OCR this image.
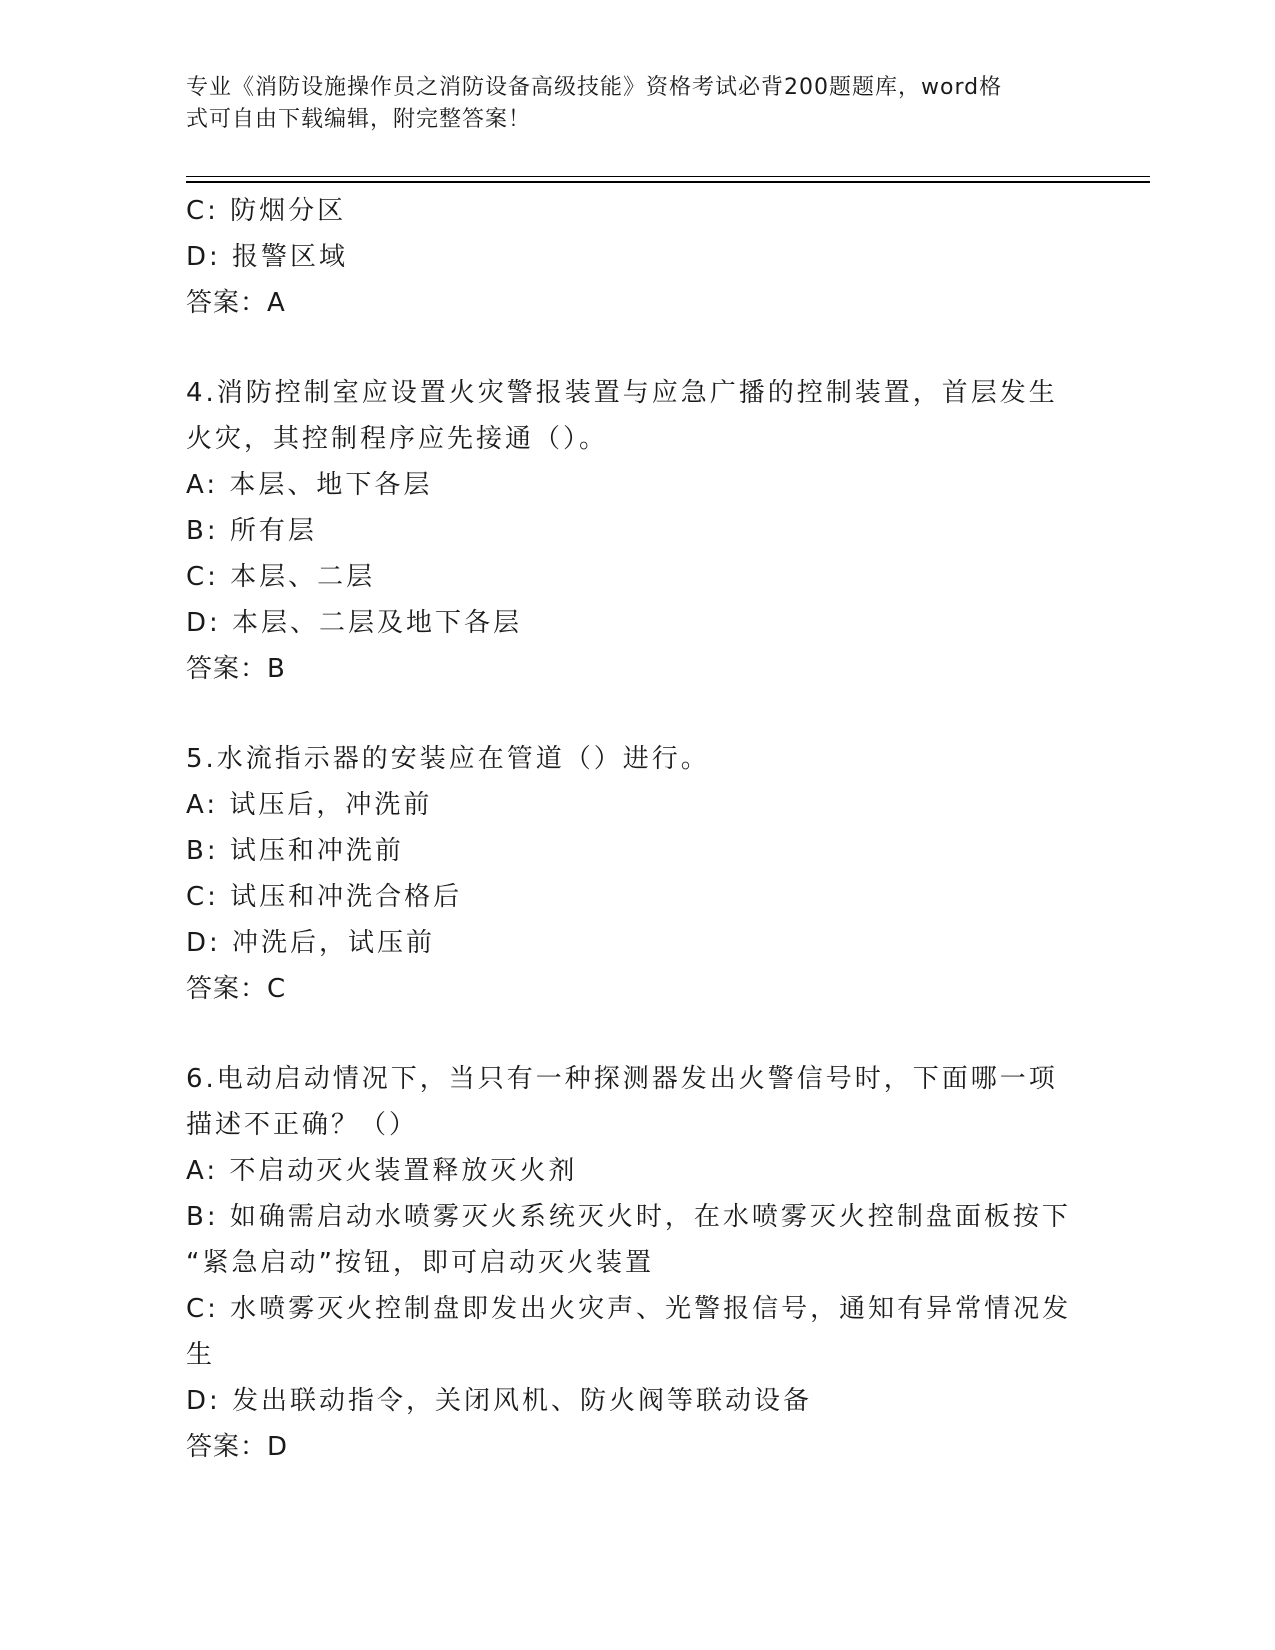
专业《消防设施操作员之消防设备高级技能》资格考试必背200题题库，word格
式可自由下载编辑，附完整答案！
C: 防烟分区
D: 报警区域
答案：A
4.消防控制室应设置火灾警报装置与应急广播的控制装置，首层发生
火灾，其控制程序应先接通（）。
A: 本层、地下各层
B: 所有层
C: 本层、二层
D: 本层、二层及地下各层
答案：B
5.水流指示器的安装应在管道（）进行。
A: 试压后，冲洗前
B: 试压和冲洗前
C: 试压和冲洗合格后
D: 冲洗后，试压前
答案：C
6.电动启动情况下，当只有一种探测器发出火警信号时，下面哪一项
描述不正确？（）
A: 不启动灭火装置释放灭火剂
B: 如确需启动水喷雾灭火系统灭火时，在水喷雾灭火控制盘面板按下
“紧急启动”按钮，即可启动灭火装置
C: 水喷雾灭火控制盘即发出火灾声、光警报信号，通知有异常情况发
生
D: 发出联动指令，关闭风机、防火阀等联动设备
答案：D
